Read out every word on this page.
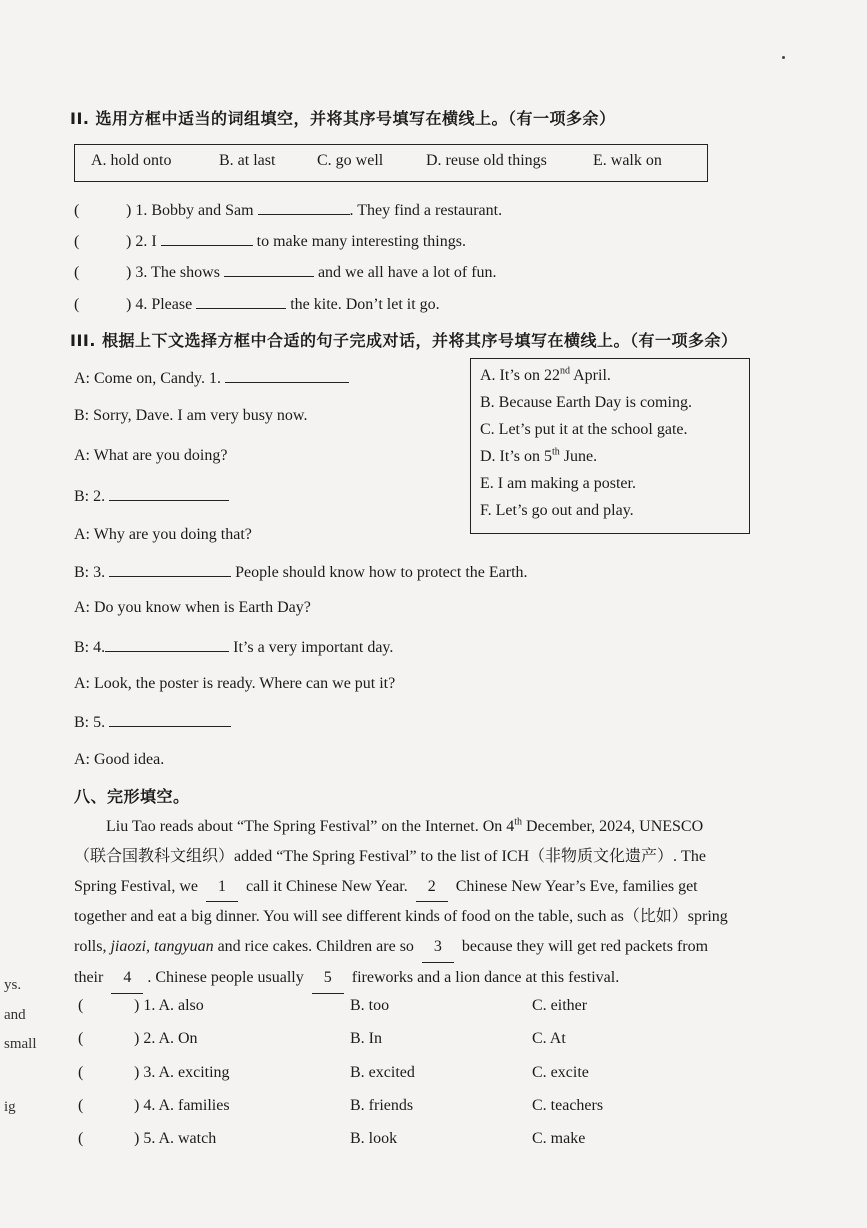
II. 选用方框中适当的词组填空，并将其序号填写在横线上。（有一项多余）
A. hold onto	B. at last	C. go well	D. reuse old things	E. walk on
(	) 1. Bobby and Sam	. They find a restaurant.
(	) 2. I	to make many interesting things.
(	) 3. The shows	and we all have a lot of fun.
(	) 4. Please	the kite. Don’t let it go.
III. 根据上下文选择方框中合适的句子完成对话，并将其序号填写在横线上。（有一项多余）
A. It’s on 22nd April.
B. Because Earth Day is coming.
C. Let’s put it at the school gate.
D. It’s on 5th June.
E. I am making a poster.
F. Let’s go out and play.
A: Come on, Candy. 1.
B: Sorry, Dave. I am very busy now.
A: What are you doing?
B: 2.
A: Why are you doing that?
B: 3.	People should know how to protect the Earth.
A: Do you know when is Earth Day?
B: 4.	It’s a very important day.
A: Look, the poster is ready. Where can we put it?
B: 5.
A: Good idea.
八、完形填空。
Liu Tao reads about “The Spring Festival” on the Internet. On 4th December, 2024, UNESCO
（联合国教科文组织）added “The Spring Festival” to the list of ICH（非物质文化遗产）. The
Spring Festival, we 1 call it Chinese New Year. 2 Chinese New Year’s Eve, families get
together and eat a big dinner. You will see different kinds of food on the table, such as（比如）spring
rolls, jiaozi, tangyuan and rice cakes. Children are so 3 because they will get red packets from
their 4 . Chinese people usually 5 fireworks and a lion dance at this festival.
(	) 1. A. also	B. too	C. either
(	) 2. A. On	B. In	C. At
(	) 3. A. exciting	B. excited	C. excite
(	) 4. A. families	B. friends	C. teachers
(	) 5. A. watch	B. look	C. make
ys.
and
small
ig
